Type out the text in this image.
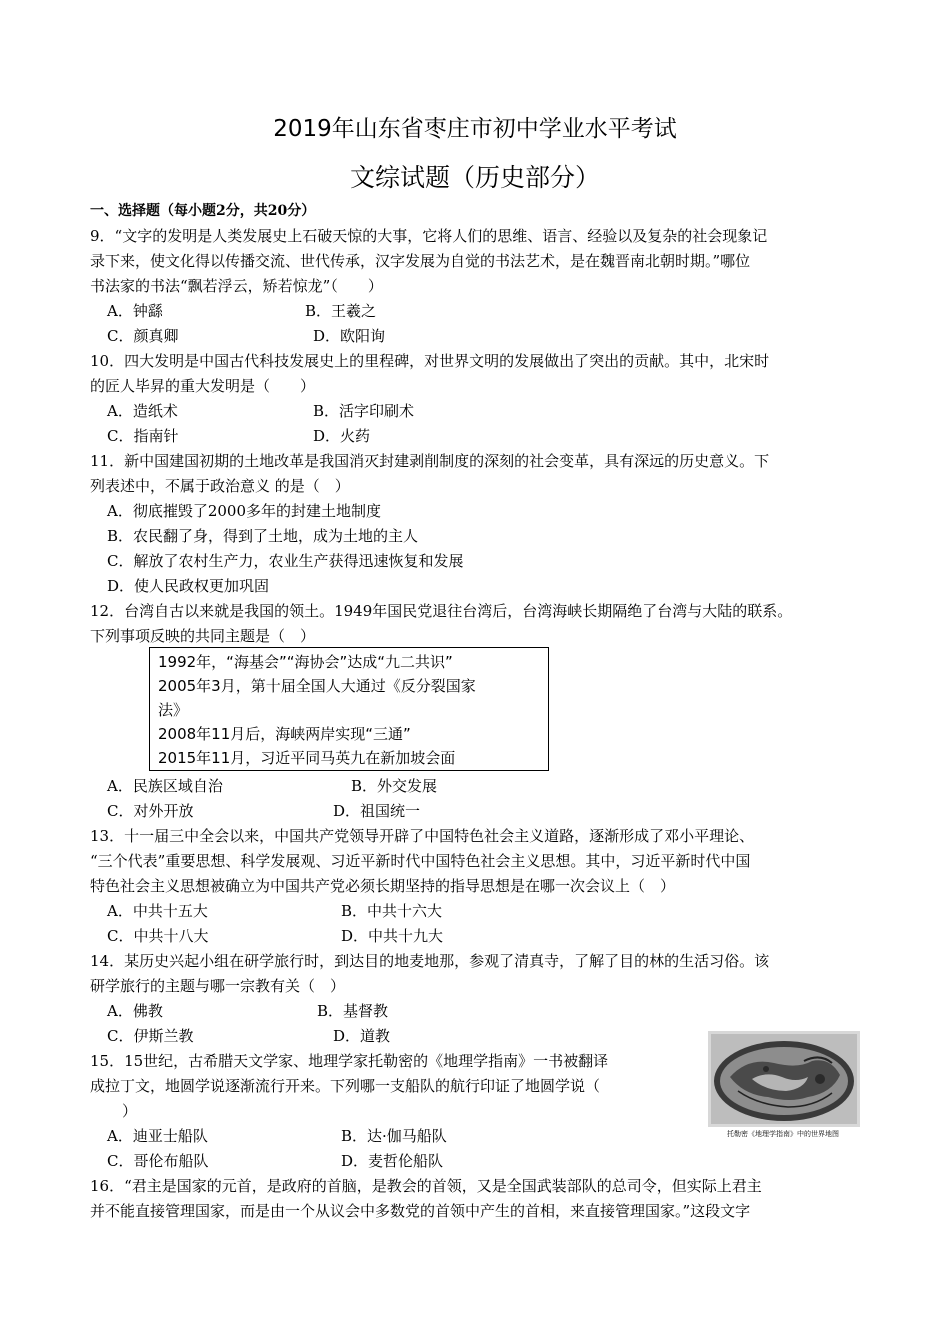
2019年山东省枣庄市初中学业水平考试
文综试题（历史部分）
一、选择题（每小题2分，共20分）
9．“文字的发明是人类发展史上石破天惊的大事，它将人们的思维、语言、经验以及复杂的社会现象记
录下来，使文化得以传播交流、世代传承，汉字发展为自觉的书法艺术，是在魏晋南北朝时期。”哪位
书法家的书法“飘若浮云，矫若惊龙”（　　）
A．钟繇	B．王羲之
C．颜真卿	D．欧阳询
10．四大发明是中国古代科技发展史上的里程碑，对世界文明的发展做出了突出的贡献。其中，北宋时
的匠人毕昇的重大发明是（　　）
A．造纸术	B．活字印刷术
C．指南针	D．火药
11．新中国建国初期的土地改革是我国消灭封建剥削制度的深刻的社会变革，具有深远的历史意义。下
列表述中，不属于政治意义 的是（　）
A．彻底摧毁了2000多年的封建土地制度
B．农民翻了身，得到了土地，成为土地的主人
C．解放了农村生产力，农业生产获得迅速恢复和发展
D．使人民政权更加巩固
12．台湾自古以来就是我国的领土。1949年国民党退往台湾后，台湾海峡长期隔绝了台湾与大陆的联系。
下列事项反映的共同主题是（　）
1992年，“海基会”“海协会”达成“九二共识”
2005年3月，第十届全国人大通过《反分裂国家
法》
2008年11月后，海峡两岸实现“三通”
2015年11月，习近平同马英九在新加坡会面
A．民族区域自治	B．外交发展
C．对外开放	D．祖国统一
13．十一届三中全会以来，中国共产党领导开辟了中国特色社会主义道路，逐渐形成了邓小平理论、
“三个代表”重要思想、科学发展观、习近平新时代中国特色社会主义思想。其中，习近平新时代中国
特色社会主义思想被确立为中国共产党必须长期坚持的指导思想是在哪一次会议上（　）
A．中共十五大	B．中共十六大
C．中共十八大	D．中共十九大
14．某历史兴起小组在研学旅行时，到达目的地麦地那，参观了清真寺，了解了目的林的生活习俗。该
研学旅行的主题与哪一宗教有关（　）
A．佛教	B．基督教
C．伊斯兰教	D．道教
15．15世纪，古希腊天文学家、地理学家托勒密的《地理学指南》一书被翻译
成拉丁文，地圆学说逐渐流行开来。下列哪一支船队的航行印证了地圆学说（
）
A．迪亚士船队	B．达·伽马船队
C．哥伦布船队	D．麦哲伦船队
托勒密《地理学指南》中的世界地图
16．“君主是国家的元首，是政府的首脑，是教会的首领，又是全国武装部队的总司令，但实际上君主
并不能直接管理国家，而是由一个从议会中多数党的首领中产生的首相，来直接管理国家。”这段文字
